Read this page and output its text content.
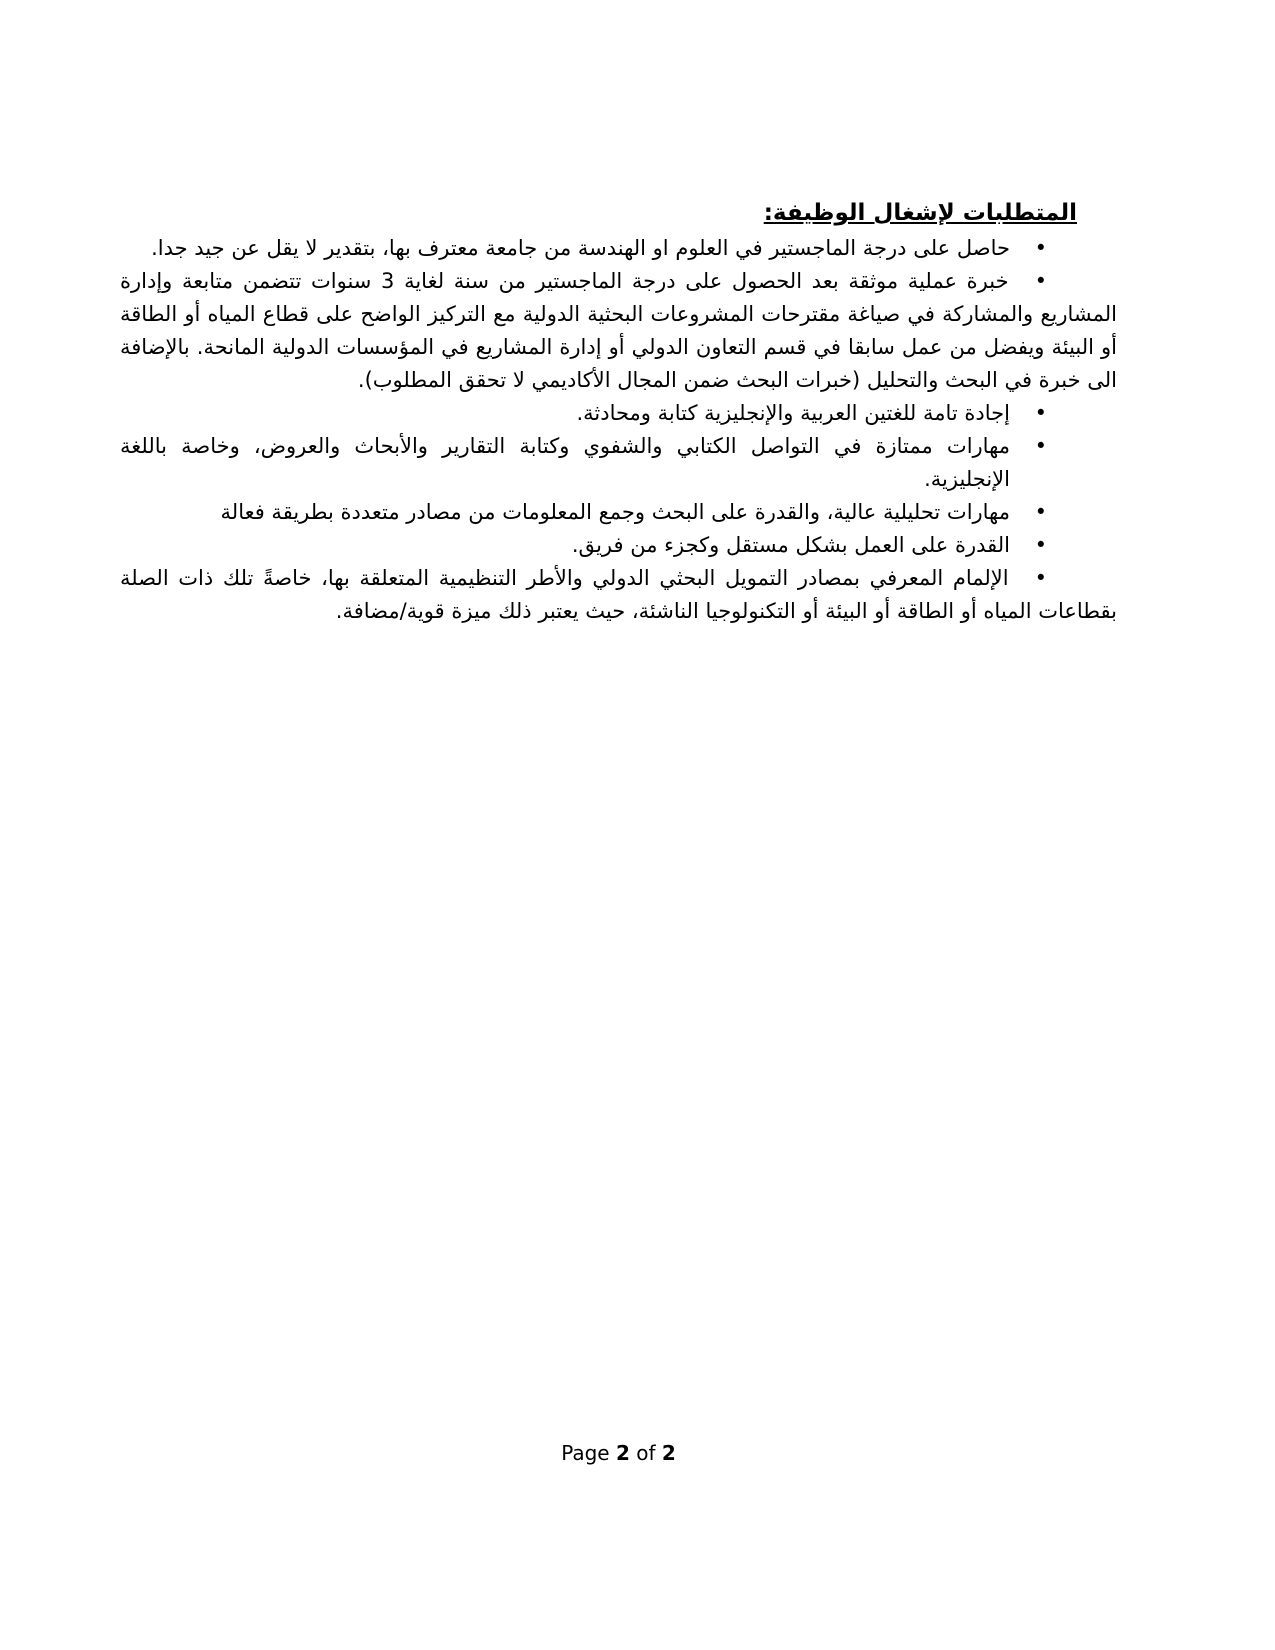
المتطلبات لإشغال الوظيفة:
•
حاصل على درجة الماجستير في العلوم او الهندسة من جامعة معترف بها، بتقدير لا يقل عن جيد جدا.
•خبرة عملية موثقة بعد الحصول على درجة الماجستير من سنة لغاية 3 سنوات تتضمن متابعة وإدارة المشاريع والمشاركة في صياغة مقترحات المشروعات البحثية الدولية مع التركيز الواضح على قطاع المياه أو الطاقة أو البيئة ويفضل من عمل سابقا في قسم التعاون الدولي أو إدارة المشاريع في المؤسسات الدولية المانحة. بالإضافة الى خبرة في البحث والتحليل (خبرات البحث ضمن المجال الأكاديمي لا تحقق المطلوب).
•
إجادة تامة للغتين العربية والإنجليزية كتابة ومحادثة.
•
مهارات ممتازة في التواصل الكتابي والشفوي وكتابة التقارير والأبحاث والعروض، وخاصة باللغة الإنجليزية.
•
مهارات تحليلية عالية، والقدرة على البحث وجمع المعلومات من مصادر متعددة بطريقة فعالة
•
القدرة على العمل بشكل مستقل وكجزء من فريق.
•الإلمام المعرفي بمصادر التمويل البحثي الدولي والأطر التنظيمية المتعلقة بها، خاصةً تلك ذات الصلة بقطاعات المياه أو الطاقة أو البيئة أو التكنولوجيا الناشئة، حيث يعتبر ذلك ميزة قوية/مضافة.
Page 2 of 2
